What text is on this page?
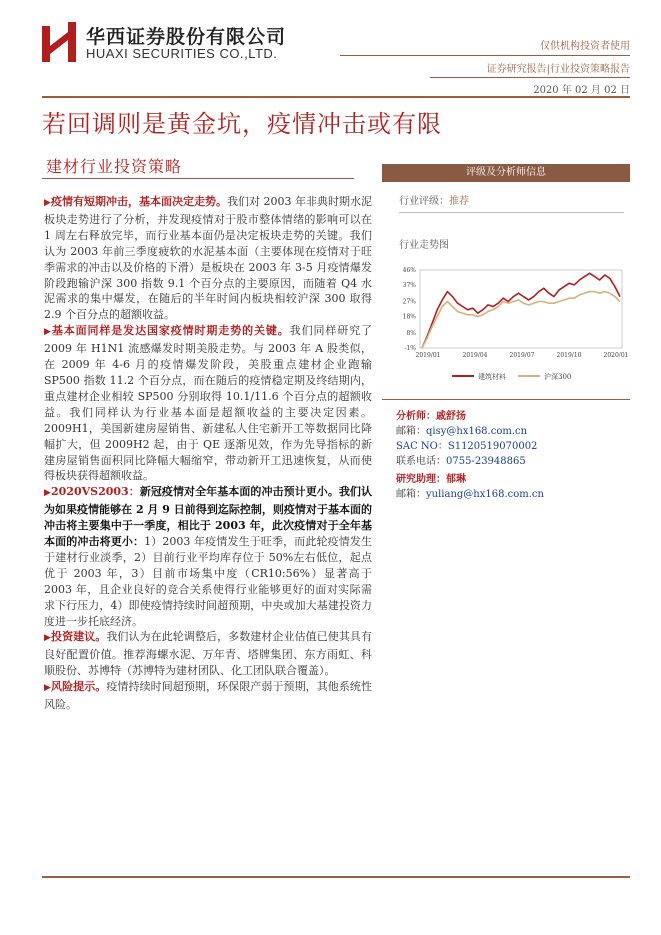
华西证券股份有限公司
HUAXI SECURITIES CO.,LTD.	仅供机构投资者使用
证券研究报告|行业投资策略报告
2020 年 02 月 02 日
若回调则是黄金坑，疫情冲击或有限
建材行业投资策略

▶疫情有短期冲击，基本面决定走势。我们对 2003 年非典时期水泥板块走势进行了分析，并发现疫情对于股市整体情绪的影响可以在 1 周左右释放完毕，而行业基本面仍是决定板块走势的关键。我们认为 2003 年前三季度疲软的水泥基本面（主要体现在疫情对于旺季需求的冲击以及价格的下滑）是板块在 2003 年 3-5 月疫情爆发阶段跑输沪深 300 指数 9.1 个百分点的主要原因，而随着 Q4 水泥需求的集中爆发，在随后的半年时间内板块相较沪深 300 取得 2.9 个百分点的超额收益。

▶基本面同样是发达国家疫情时期走势的关键。我们同样研究了 2009 年 H1N1 流感爆发时期美股走势。与 2003 年 A 股类似，在 2009 年 4-6 月的疫情爆发阶段，美股重点建材企业跑输 SP500 指数 11.2 个百分点，而在随后的疫情稳定期及终结期内，重点建材企业相较 SP500 分别取得 10.1/11.6 个百分点的超额收益。我们同样认为行业基本面是超额收益的主要决定因素。2009H1，美国新建房屋销售、新建私人住宅新开工等数据同比降幅扩大，但 2009H2 起，由于 QE 逐渐见效，作为先导指标的新建房屋销售面积同比降幅大幅缩窄，带动新开工迅速恢复，从而使得板块获得超额收益。

▶2020VS2003：新冠疫情对全年基本面的冲击预计更小。我们认为如果疫情能够在 2 月 9 日前得到迄际控制，则疫情对于基本面的冲击将主要集中于一季度，相比于 2003 年，此次疫情对于全年基本面的冲击将更小：1）2003 年疫情发生于旺季，而此轮疫情发生于建材行业淡季，2）目前行业平均库存位于 50%左右低位，起点优于 2003 年，3）目前市场集中度（CR10:56%）显著高于 2003 年，且企业良好的竞合关系使得行业能够更好的面对实际需求下行压力，4）即使疫情持续时间超预期，中央或加大基建投资力度进一步托底经济。

▶投资建议。我们认为在此轮调整后，多数建材企业估值已使其具有良好配置价值。推荐海螺水泥、万年青、塔牌集团、东方雨虹、科顺股份、苏博特（苏博特为建材团队、化工团队联合覆盖）。

▶风险提示。疫情持续时间超预期，环保限产弱于预期，其他系统性风险。

评级及分析师信息
行业评级：推荐
行业走势图
46%
37%
27%
18%
8%
-1%
2019/01	2019/04	2019/07	2019/10	2020/01
建筑材料	沪深300
分析师：戚舒扬
邮箱：qisy@hx168.com.cn
SAC NO：S1120519070002
联系电话：0755-23948865
研究助理：郁琳
邮箱：yuliang@hx168.com.cn
